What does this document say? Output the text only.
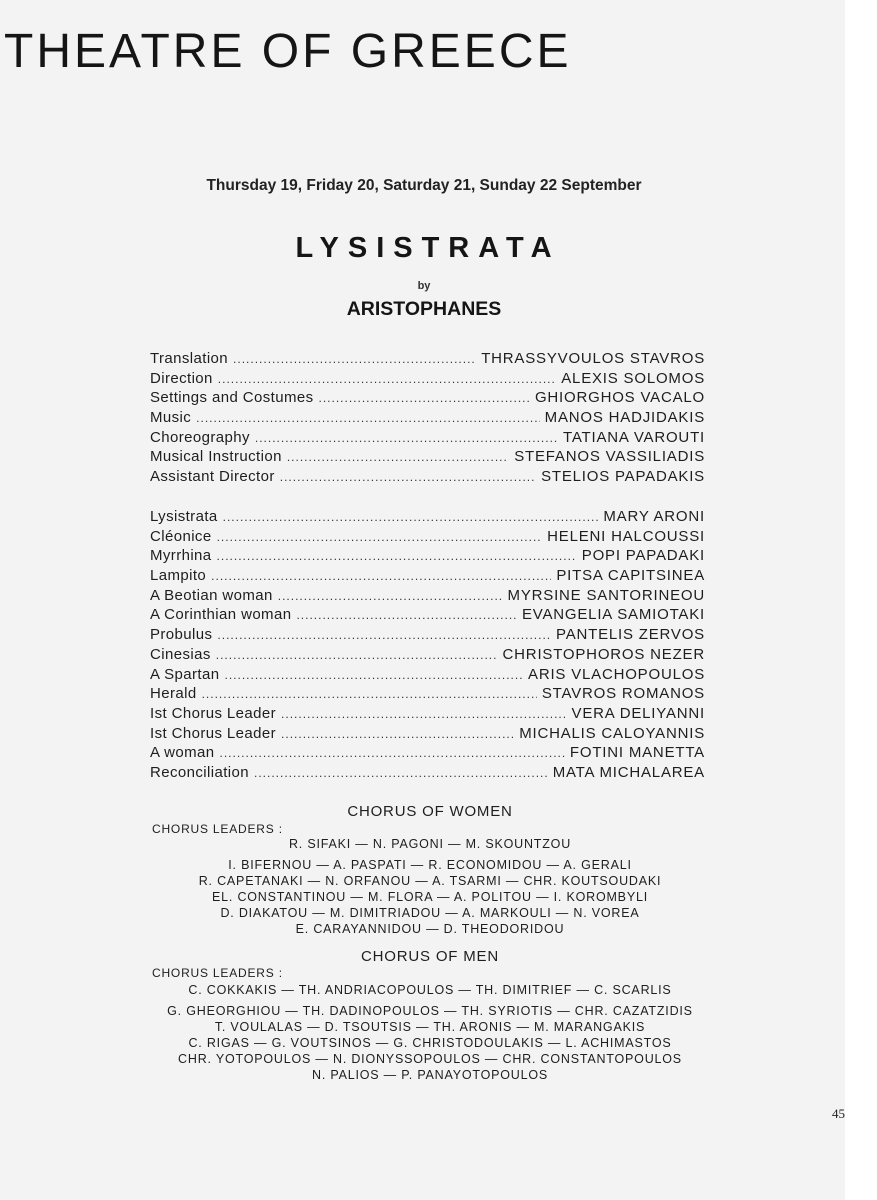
THEATRE OF GREECE
Thursday 19, Friday 20, Saturday 21, Sunday 22 September
LYSISTRATA
by
ARISTOPHANES
Translation .....	THRASSYVOULOS STAVROS
Direction .....	ALEXIS SOLOMOS
Settings and Costumes .....	GHIORGHOS VACALO
Music .....	MANOS HADJIDAKIS
Choreography .....	TATIANA VAROUTI
Musical Instruction .....	STEFANOS VASSILIADIS
Assistant Director .....	STELIOS PAPADAKIS
Lysistrata .....	MARY ARONI
Cléonice .....	HELENI HALCOUSSI
Myrrhina .....	POPI PAPADAKI
Lampito .....	PITSA CAPITSINEA
A Beotian woman .....	MYRSINE SANTORINEOU
A Corinthian woman .....	EVANGELIA SAMIOTAKI
Probulus .....	PANTELIS ZERVOS
Cinesias .....	CHRISTOPHOROS NEZER
A Spartan .....	ARIS VLACHOPOULOS
Herald .....	STAVROS ROMANOS
Ist Chorus Leader .....	VERA DELIYANNI
Ist Chorus Leader .....	MICHALIS CALOYANNIS
A woman .....	FOTINI MANETTA
Reconciliation .....	MATA MICHALAREA
CHORUS OF WOMEN
CHORUS LEADERS :
R. SIFAKI — N. PAGONI — M. SKOUNTZOU
I. BIFERNOU — A. PASPATI — R. ECONOMIDOU — A. GERALI
R. CAPETANAKI — N. ORFANOU — A. TSARMI — CHR. KOUTSOUDAKI
EL. CONSTANTINOU — M. FLORA — A. POLITOU — I. KOROMBYLI
D. DIAKATOU — M. DIMITRIADOU — A. MARKOULI — N. VOREA
E. CARAYANNIDOU — D. THEODORIDOU
CHORUS OF MEN
CHORUS LEADERS :
C. COKKAKIS — TH. ANDRIACOPOULOS — TH. DIMITRIEF — C. SCARLIS
G. GHEORGHIOU — TH. DADINOPOULOS — TH. SYRIOTIS — CHR. CAZATZIDIS
T. VOULALAS — D. TSOUTSIS — TH. ARONIS — M. MARANGAKIS
C. RIGAS — G. VOUTSINOS — G. CHRISTODOULAKIS — L. ACHIMASTOS
CHR. YOTOPOULOS — N. DIONYSSOPOULOS — CHR. CONSTANTOPOULOS
N. PALIOS — P. PANAYOTOPOULOS
45
